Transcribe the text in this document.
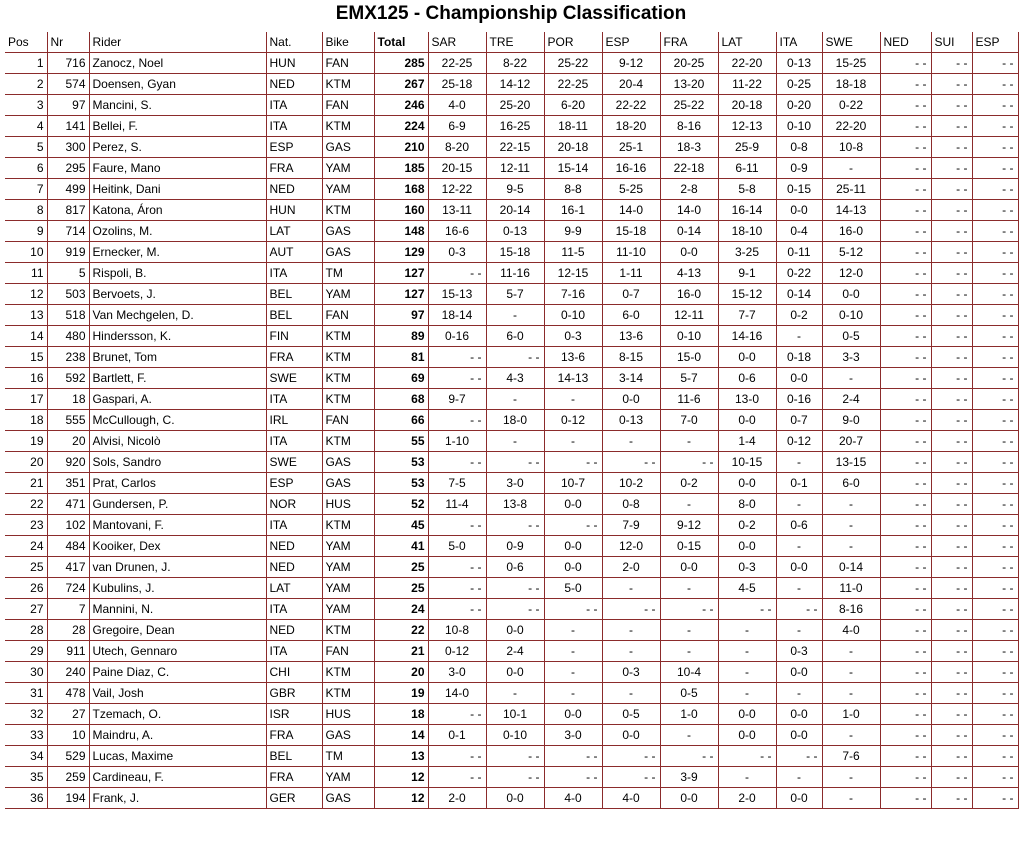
EMX125 - Championship Classification
Pos	Nr	Rider	Nat.	Bike	Total	SAR	TRE	POR	ESP	FRA	LAT	ITA	SWE	NED	SUI	ESP
1	716	Zanocz, Noel	HUN	FAN	285	22-25	8-22	25-22	9-12	20-25	22-20	0-13	15-25	- -	- -	- -
2	574	Doensen, Gyan	NED	KTM	267	25-18	14-12	22-25	20-4	13-20	11-22	0-25	18-18	- -	- -	- -
3	97	Mancini, S.	ITA	FAN	246	4-0	25-20	6-20	22-22	25-22	20-18	0-20	0-22	- -	- -	- -
4	141	Bellei, F.	ITA	KTM	224	6-9	16-25	18-11	18-20	8-16	12-13	0-10	22-20	- -	- -	- -
5	300	Perez, S.	ESP	GAS	210	8-20	22-15	20-18	25-1	18-3	25-9	0-8	10-8	- -	- -	- -
6	295	Faure, Mano	FRA	YAM	185	20-15	12-11	15-14	16-16	22-18	6-11	0-9	-	- -	- -	- -
7	499	Heitink, Dani	NED	YAM	168	12-22	9-5	8-8	5-25	2-8	5-8	0-15	25-11	- -	- -	- -
8	817	Katona, Áron	HUN	KTM	160	13-11	20-14	16-1	14-0	14-0	16-14	0-0	14-13	- -	- -	- -
9	714	Ozolins, M.	LAT	GAS	148	16-6	0-13	9-9	15-18	0-14	18-10	0-4	16-0	- -	- -	- -
10	919	Ernecker, M.	AUT	GAS	129	0-3	15-18	11-5	11-10	0-0	3-25	0-11	5-12	- -	- -	- -
11	5	Rispoli, B.	ITA	TM	127	- -	11-16	12-15	1-11	4-13	9-1	0-22	12-0	- -	- -	- -
12	503	Bervoets, J.	BEL	YAM	127	15-13	5-7	7-16	0-7	16-0	15-12	0-14	0-0	- -	- -	- -
13	518	Van Mechgelen, D.	BEL	FAN	97	18-14	-	0-10	6-0	12-11	7-7	0-2	0-10	- -	- -	- -
14	480	Hindersson, K.	FIN	KTM	89	0-16	6-0	0-3	13-6	0-10	14-16	-	0-5	- -	- -	- -
15	238	Brunet, Tom	FRA	KTM	81	- -	- -	13-6	8-15	15-0	0-0	0-18	3-3	- -	- -	- -
16	592	Bartlett, F.	SWE	KTM	69	- -	4-3	14-13	3-14	5-7	0-6	0-0	-	- -	- -	- -
17	18	Gaspari, A.	ITA	KTM	68	9-7	-	-	0-0	11-6	13-0	0-16	2-4	- -	- -	- -
18	555	McCullough, C.	IRL	FAN	66	- -	18-0	0-12	0-13	7-0	0-0	0-7	9-0	- -	- -	- -
19	20	Alvisi, Nicolò	ITA	KTM	55	1-10	-	-	-	-	1-4	0-12	20-7	- -	- -	- -
20	920	Sols, Sandro	SWE	GAS	53	- -	- -	- -	- -	- -	10-15	-	13-15	- -	- -	- -
21	351	Prat, Carlos	ESP	GAS	53	7-5	3-0	10-7	10-2	0-2	0-0	0-1	6-0	- -	- -	- -
22	471	Gundersen, P.	NOR	HUS	52	11-4	13-8	0-0	0-8	-	8-0	-	-	- -	- -	- -
23	102	Mantovani, F.	ITA	KTM	45	- -	- -	- -	7-9	9-12	0-2	0-6	-	- -	- -	- -
24	484	Kooiker, Dex	NED	YAM	41	5-0	0-9	0-0	12-0	0-15	0-0	-	-	- -	- -	- -
25	417	van Drunen, J.	NED	YAM	25	- -	0-6	0-0	2-0	0-0	0-3	0-0	0-14	- -	- -	- -
26	724	Kubulins, J.	LAT	YAM	25	- -	- -	5-0	-	-	4-5	-	11-0	- -	- -	- -
27	7	Mannini, N.	ITA	YAM	24	- -	- -	- -	- -	- -	- -	- -	8-16	- -	- -	- -
28	28	Gregoire, Dean	NED	KTM	22	10-8	0-0	-	-	-	-	-	4-0	- -	- -	- -
29	911	Utech, Gennaro	ITA	FAN	21	0-12	2-4	-	-	-	-	0-3	-	- -	- -	- -
30	240	Paine Diaz, C.	CHI	KTM	20	3-0	0-0	-	0-3	10-4	-	0-0	-	- -	- -	- -
31	478	Vail, Josh	GBR	KTM	19	14-0	-	-	-	0-5	-	-	-	- -	- -	- -
32	27	Tzemach, O.	ISR	HUS	18	- -	10-1	0-0	0-5	1-0	0-0	0-0	1-0	- -	- -	- -
33	10	Maindru, A.	FRA	GAS	14	0-1	0-10	3-0	0-0	-	0-0	0-0	-	- -	- -	- -
34	529	Lucas, Maxime	BEL	TM	13	- -	- -	- -	- -	- -	- -	- -	7-6	- -	- -	- -
35	259	Cardineau, F.	FRA	YAM	12	- -	- -	- -	- -	3-9	-	-	-	- -	- -	- -
36	194	Frank, J.	GER	GAS	12	2-0	0-0	4-0	4-0	0-0	2-0	0-0	-	- -	- -	- -
